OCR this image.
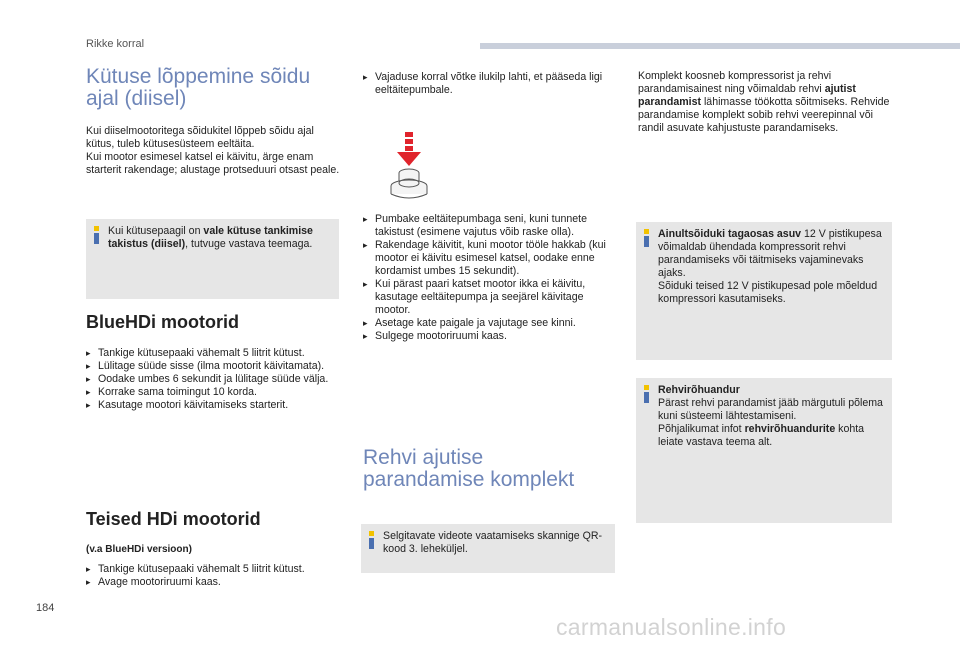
Rikke korral
184
carmanualsonline.info
Kütuse lõppemine sõidu
ajal (diisel)

Kui diiselmootoritega sõidukitel lõppeb sõidu ajal kütus, tuleb kütusesüsteem eeltäita.

Kui mootor esimesel katsel ei käivitu, ärge enam starterit rakendage; alustage protseduuri otsast peale.

Kui kütusepaagil on vale kütuse tankimise takistus (diisel), tutvuge vastava teemaga.

BlueHDi mootorid
▸ Tankige kütusepaaki vähemalt 5 liitrit kütust.
▸ Lülitage süüde sisse (ilma mootorit käivitamata).
▸ Oodake umbes 6 sekundit ja lülitage süüde välja.
▸ Korrake sama toimingut 10 korda.
▸ Kasutage mootori käivitamiseks starterit.
Teised HDi mootorid
(v.a BlueHDi versioon)
▸ Tankige kütusepaaki vähemalt 5 liitrit kütust.
▸ Avage mootoriruumi kaas.
▸ Vajaduse korral võtke ilukilp lahti, et pääseda ligi eeltäitepumbale.
▸ Pumbake eeltäitepumbaga seni, kuni tunnete takistust (esimene vajutus võib raske olla).
▸ Rakendage käivitit, kuni mootor tööle hakkab (kui mootor ei käivitu esimesel katsel, oodake enne kordamist umbes 15 sekundit).
▸ Kui pärast paari katset mootor ikka ei käivitu, kasutage eeltäitepumpa ja seejärel käivitage mootor.
▸ Asetage kate paigale ja vajutage see kinni.
▸ Sulgege mootoriruumi kaas.
Rehvi ajutise
parandamise komplekt

Selgitavate videote vaatamiseks skannige QR-kood 3. leheküljel.

Komplekt koosneb kompressorist ja rehvi parandamisainest ning võimaldab rehvi ajutist parandamist lähimasse töökotta sõitmiseks. Rehvide parandamise komplekt sobib rehvi veerepinnal või randil asuvate kahjustuste parandamiseks.

Ainultsõiduki tagaosas asuv 12 V pistikupesa võimaldab ühendada kompressorit rehvi parandamiseks või täitmiseks vajaminevaks ajaks.

Sõiduki teised 12 V pistikupesad pole mõeldud kompressori kasutamiseks.

Rehvirõhuandur

Pärast rehvi parandamist jääb märgutuli põlema kuni süsteemi lähtestamiseni.

Põhjalikumat infot rehvirõhuandurite kohta leiate vastava teema alt.
